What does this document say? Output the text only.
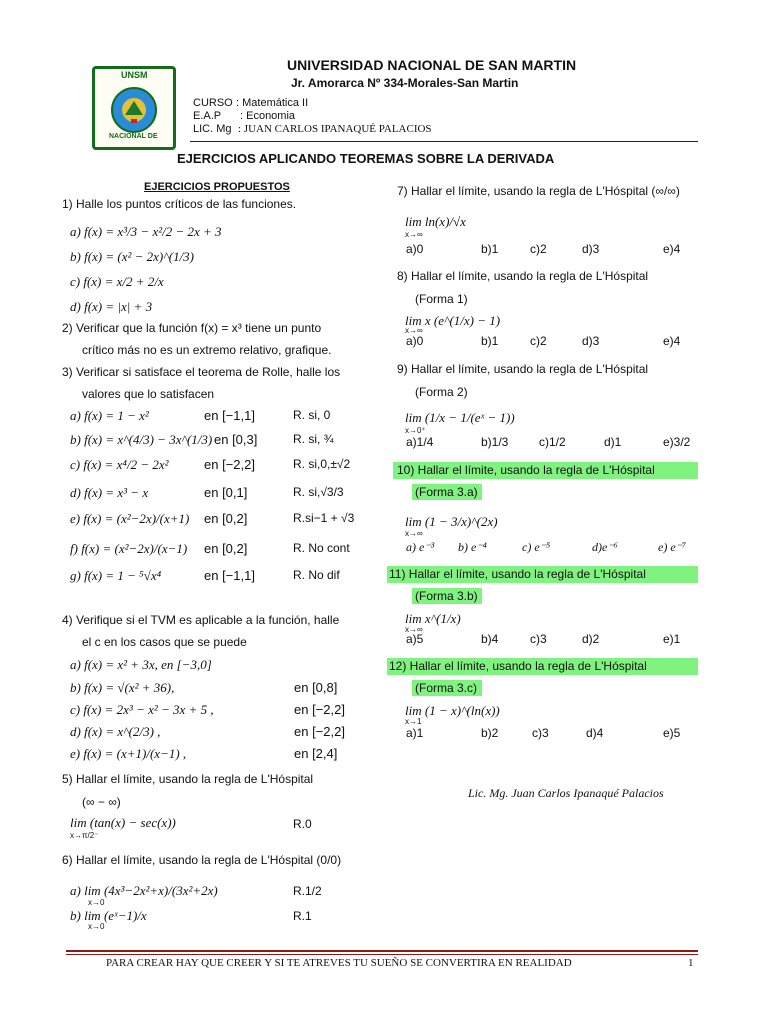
UNSM
NACIONAL DE
UNIVERSIDAD NACIONAL DE SAN MARTIN
Jr. Amorarca Nº 334-Morales-San Martin
CURSO : Matemática II
E.A.P : Economia
LIC. Mg : JUAN CARLOS IPANAQUÉ PALACIOS
EJERCICIOS APLICANDO TEOREMAS SOBRE LA DERIVADA
EJERCICIOS PROPUESTOS
1) Halle los puntos críticos de las funciones.
a) f(x) = x³/3 − x²/2 − 2x + 3
b) f(x) = (x² − 2x)^(1/3)
c) f(x) = x/2 + 2/x
d) f(x) = |x| + 3
2) Verificar que la función f(x) = x³ tiene un punto
crítico más no es un extremo relativo, grafique.
3) Verificar si satisface el teorema de Rolle, halle los
valores que lo satisfacen
a) f(x) = 1 − x²	en [−1,1]	R. si, 0
b) f(x) = x^(4/3) − 3x^(1/3) en [0,3]	R. si, ¾
c) f(x) = x⁴/2 − 2x²	en [−2,2]	R. si,0,±√2
d) f(x) = x³ − x	en [0,1]	R. si,√3/3
e) f(x) = (x²−2x)/(x+1) en [0,2]	R.si−1 + √3
f) f(x) = (x²−2x)/(x−1) en [0,2]	R. No cont
g) f(x) = 1 − ⁵√x⁴	en [−1,1]	R. No dif
4) Verifique si el TVM es aplicable a la función, halle
el c en los casos que se puede
a) f(x) = x² + 3x, en [−3,0]
b) f(x) = √(x² + 36),	en [0,8]
c) f(x) = 2x³ − x² − 3x + 5 ,	en [−2,2]
d) f(x) = x^(2/3) ,	en [−2,2]
e) f(x) = (x+1)/(x−1) ,	en [2,4]
5) Hallar el límite, usando la regla de L'Hóspital
(∞ − ∞)
lim (tan(x) − sec(x))
x→π/2⁻
R.0
6) Hallar el límite, usando la regla de L'Hóspital (0/0)
a) lim (4x³−2x²+x)/(3x²+2x)
x→0
R.1/2
b) lim (eˣ−1)/x
x→0
R.1
7) Hallar el límite, usando la regla de L'Hóspital (∞/∞)
lim ln(x)/√x
x→∞
a)0	b)1	c)2	d)3	e)4
8) Hallar el límite, usando la regla de L'Hóspital
(Forma 1)
lim x (e^(1/x) − 1)
x→∞
a)0	b)1	c)2	d)3	e)4
9) Hallar el límite, usando la regla de L'Hóspital
(Forma 2)
lim (1/x − 1/(eˣ − 1))
x→0⁺
a)1/4	b)1/3	c)1/2	d)1	e)3/2
10) Hallar el límite, usando la regla de L'Hóspital
(Forma 3.a)
lim (1 − 3/x)^(2x)
x→∞
a) e⁻³ b) e⁻⁴	c) e⁻⁵	d)e⁻⁶	e) e⁻⁷
11) Hallar el límite, usando la regla de L'Hóspital
(Forma 3.b)
lim x^(1/x)
x→∞
a)5	b)4	c)3	d)2	e)1
12) Hallar el límite, usando la regla de L'Hóspital
(Forma 3.c)
lim (1 − x)^(ln(x))
x→1
a)1	b)2	c)3	d)4	e)5
Lic. Mg. Juan Carlos Ipanaqué Palacios
PARA CREAR HAY QUE CREER Y SI TE ATREVES TU SUEÑO SE CONVERTIRA EN REALIDAD	1
